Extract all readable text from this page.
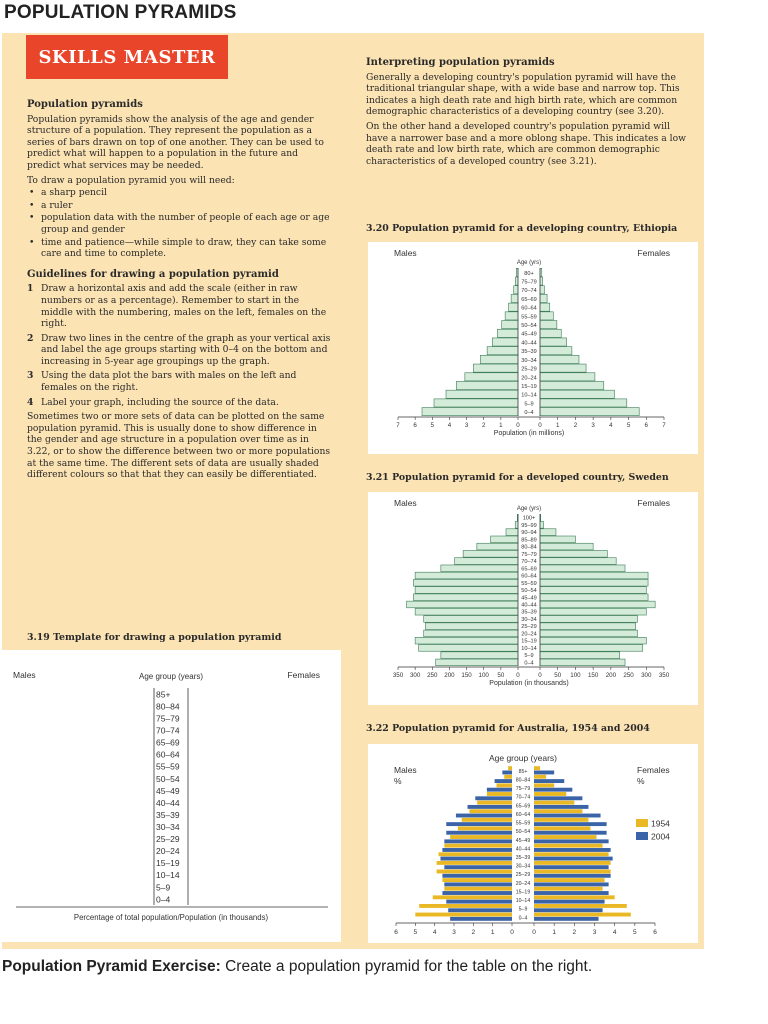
POPULATION PYRAMIDS
SKILLS MASTER

Population pyramids

Population pyramids show the analysis of the age and gender structure of a population. They represent the population as a series of bars drawn on top of one another. They can be used to predict what will happen to a population in the future and predict what services may be needed.

To draw a population pyramid you will need:

• a sharp pencil
• a ruler
• population data with the number of people of each age or age group and gender
• time and patience—while simple to draw, they can take some care and time to complete.

Guidelines for drawing a population pyramid

1 Draw a horizontal axis and add the scale (either in raw numbers or as a percentage). Remember to start in the middle with the numbering, males on the left, females on the right.
2 Draw two lines in the centre of the graph as your vertical axis and label the age groups starting with 0–4 on the bottom and increasing in 5-year age groupings up the graph.
3 Using the data plot the bars with males on the left and females on the right.
4 Label your graph, including the source of the data.

Sometimes two or more sets of data can be plotted on the same population pyramid. This is usually done to show difference in the gender and age structure in a population over time as in 3.22, or to show the difference between two or more populations at the same time. The different sets of data are usually shaded different colours so that that they can easily be differentiated.

3.19 Template for drawing a population pyramid

Interpreting population pyramids

Generally a developing country's population pyramid will have the traditional triangular shape, with a wide base and narrow top. This indicates a high death rate and high birth rate, which are common demographic characteristics of a developing country (see 3.20).

On the other hand a developed country's population pyramid will have a narrower base and a more oblong shape. This indicates a low death rate and low birth rate, which are common demographic characteristics of a developed country (see 3.21).

3.20 Population pyramid for a developing country, Ethiopia
3.21 Population pyramid for a developed country, Sweden
3.22 Population pyramid for Australia, 1954 and 2004
Males	Females
Age group (years)
85+
80–84
75–79
70–74
65–69
60–64
55–59
50–54
45–49
40–44
35–39
30–34
25–29
20–24
15–19
10–14
5–9
0–4
Percentage of total population/Population (in thousands)
Males	Females
Age (yrs)
80+
75–79
70–74
65–69
60–64
55–59
50–54
45–49
40–44
35–39
30–34
25–29
20–24
15–19
10–14
5–9
0–4
7 6 5 4 3 2 1 0	0 1 2 3 4 5 6 7
Population (in millions)
Males	Females
Age (yrs)
100+
95–99
90–94
85–89
80–84
75–79
70–74
65–69
60–64
55–59
50–54
45–49
40–44
35–39
30–34
25–29
20–24
15–19
10–14
5–9
0–4
350 300 250 200 150 100 50 0	0 50 100 150 200 250 300 350
Population (in thousands)
Males
%
Females
%
Age group (years)
85+
80–84
75–79
70–74
65–69
60–64
55–59
50–54
45–49
40–44
35–39
30–34
25–29
20–24
15–19
10–14
5–9
0–4
6 5 4 3 2 1 0	0	1	2	3	4	5	6
1954
2004
Population Pyramid Exercise: Create a population pyramid for the table on the right.
